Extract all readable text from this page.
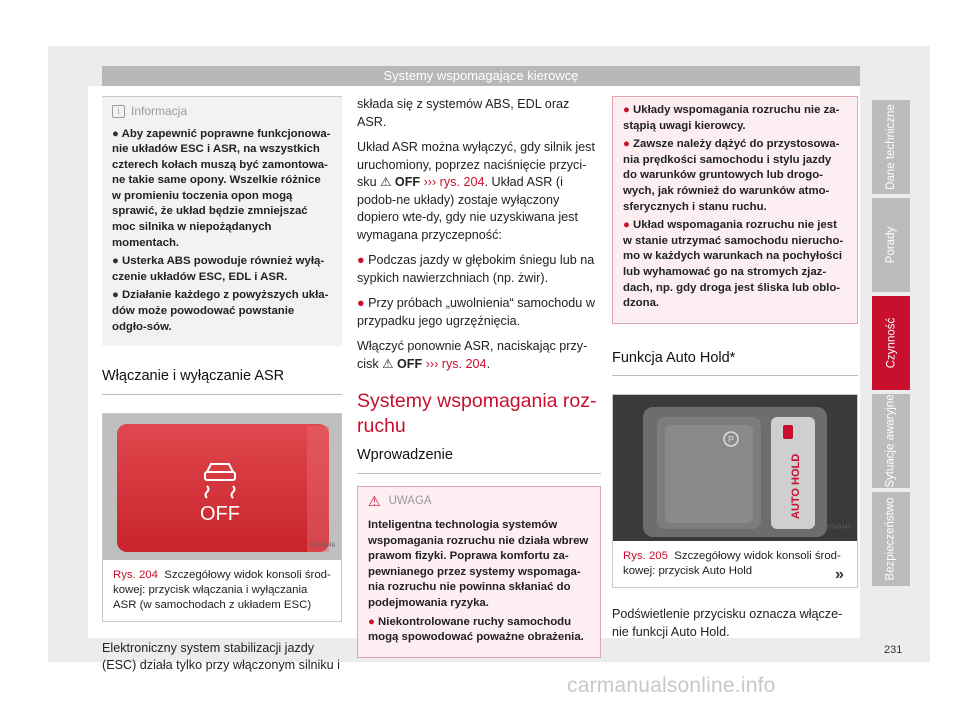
Systemy wspomagające kierowcę
i Informacja

● Aby zapewnić poprawne funkcjonowa-nie układów ESC i ASR, na wszystkich czterech kołach muszą być zamontowa-ne takie same opony. Wszelkie różnice w promieniu toczenia opon mogą sprawić, że układ będzie zmniejszać moc silnika w niepożądanych momentach.

● Usterka ABS powoduje również wyłą-czenie układów ESC, EDL i ASR.

● Działanie każdego z powyższych ukła-dów może powodować powstanie odgło-sów.

Włączanie i wyłączanie ASR
OFF
B7V-0746
Rys. 204 Szczegółowy widok konsoli środ-kowej: przycisk włączania i wyłączania ASR (w samochodach z układem ESC)

Elektroniczny system stabilizacji jazdy (ESC) działa tylko przy włączonym silniku i

składa się z systemów ABS, EDL oraz ASR.

Układ ASR można wyłączyć, gdy silnik jest uruchomiony, poprzez naciśnięcie przyci-sku ⚠ OFF ››› rys. 204. Układ ASR (i podob-ne układy) zostaje wyłączony dopiero wte-dy, gdy nie uzyskiwana jest wymagana przyczepność:

● Podczas jazdy w głębokim śniegu lub na sypkich nawierzchniach (np. żwir).

● Przy próbach „uwolnienia“ samochodu w przypadku jego ugrzęźnięcia.

Włączyć ponownie ASR, naciskając przy-cisk ⚠ OFF ››› rys. 204.

Systemy wspomagania roz-ruchu
Wprowadzenie
⚠ UWAGA

Inteligentna technologia systemów wspomagania rozruchu nie działa wbrew prawom fizyki. Poprawa komfortu za-pewnianego przez systemy wspomaga-nia rozruchu nie powinna skłaniać do podejmowania ryzyka.

● Niekontrolowane ruchy samochodu mogą spowodować poważne obrażenia.

● Układy wspomagania rozruchu nie za-stąpią uwagi kierowcy.

● Zawsze należy dążyć do przystosowa-nia prędkości samochodu i stylu jazdy do warunków gruntowych lub drogo-wych, jak również do warunków atmo-sferycznych i stanu ruchu.

● Układ wspomagania rozruchu nie jest w stanie utrzymać samochodu nierucho-mo w każdych warunkach na pochyłości lub wyhamować go na stromych zjaz-dach, np. gdy droga jest śliska lub oblo-dzona.

Funkcja Auto Hold*
P
AUTO HOLD
B7V-0747
Rys. 205 Szczegółowy widok konsoli środ-kowej: przycisk Auto Hold

Podświetlenie przycisku oznacza włącze-nie funkcji Auto Hold.

»
Dane techniczne
Porady
Czynność
Sytuacje awaryjne
Bezpieczeństwo
231
carmanualsonline.info
